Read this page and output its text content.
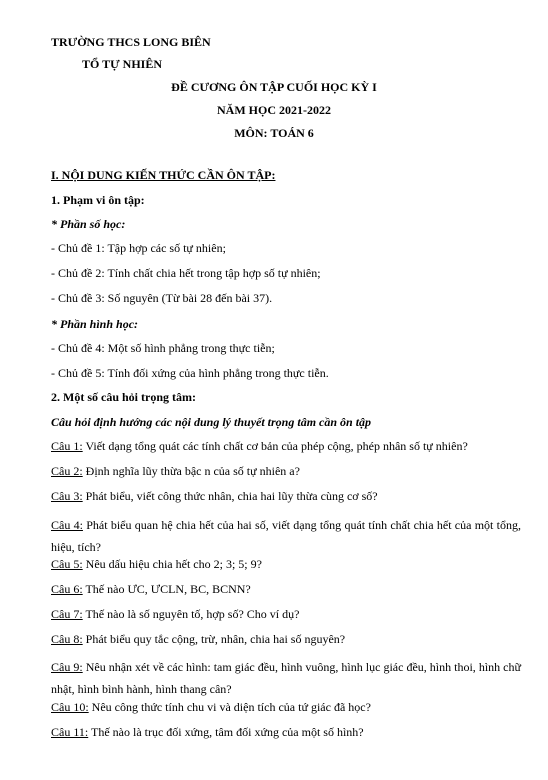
TRƯỜNG THCS LONG BIÊN
TỔ TỰ NHIÊN
ĐỀ CƯƠNG ÔN TẬP CUỐI HỌC KỲ I
NĂM HỌC 2021-2022
MÔN: TOÁN 6
I. NỘI DUNG KIẾN THỨC CẦN ÔN TẬP:
1. Phạm vi ôn tập:
* Phần số học:
- Chủ đề 1: Tập hợp các số tự nhiên;
- Chủ đề 2: Tính chất chia hết trong tập hợp số tự nhiên;
- Chủ đề 3: Số nguyên (Từ bài 28 đến bài 37).
* Phần hình học:
- Chủ đề 4: Một số hình phẳng trong thực tiễn;
- Chủ đề 5: Tính đối xứng của hình phẳng trong thực tiễn.
2. Một số câu hỏi trọng tâm:
Câu hỏi định hướng các nội dung lý thuyết trọng tâm cần ôn tập
Câu 1: Viết dạng tổng quát các tính chất cơ bản của phép cộng, phép nhân số tự nhiên?
Câu 2: Định nghĩa lũy thừa bậc n của số tự nhiên a?
Câu 3: Phát biểu, viết công thức nhân, chia hai lũy thừa cùng cơ số?
Câu 4: Phát biểu quan hệ chia hết của hai số, viết dạng tổng quát tính chất chia hết của một tổng, hiệu, tích?
Câu 5: Nêu dấu hiệu chia hết cho 2; 3; 5; 9?
Câu 6: Thế nào ƯC, ƯCLN, BC, BCNN?
Câu 7: Thế nào là số nguyên tố, hợp số? Cho ví dụ?
Câu 8: Phát biểu quy tắc cộng, trừ, nhân, chia hai số nguyên?
Câu 9: Nêu nhận xét về các hình: tam giác đều, hình vuông, hình lục giác đều, hình thoi, hình chữ nhật, hình bình hành, hình thang cân?
Câu 10: Nêu công thức tính chu vi và diện tích của tứ giác đã học?
Câu 11: Thế nào là trục đối xứng, tâm đối xứng của một số hình?
